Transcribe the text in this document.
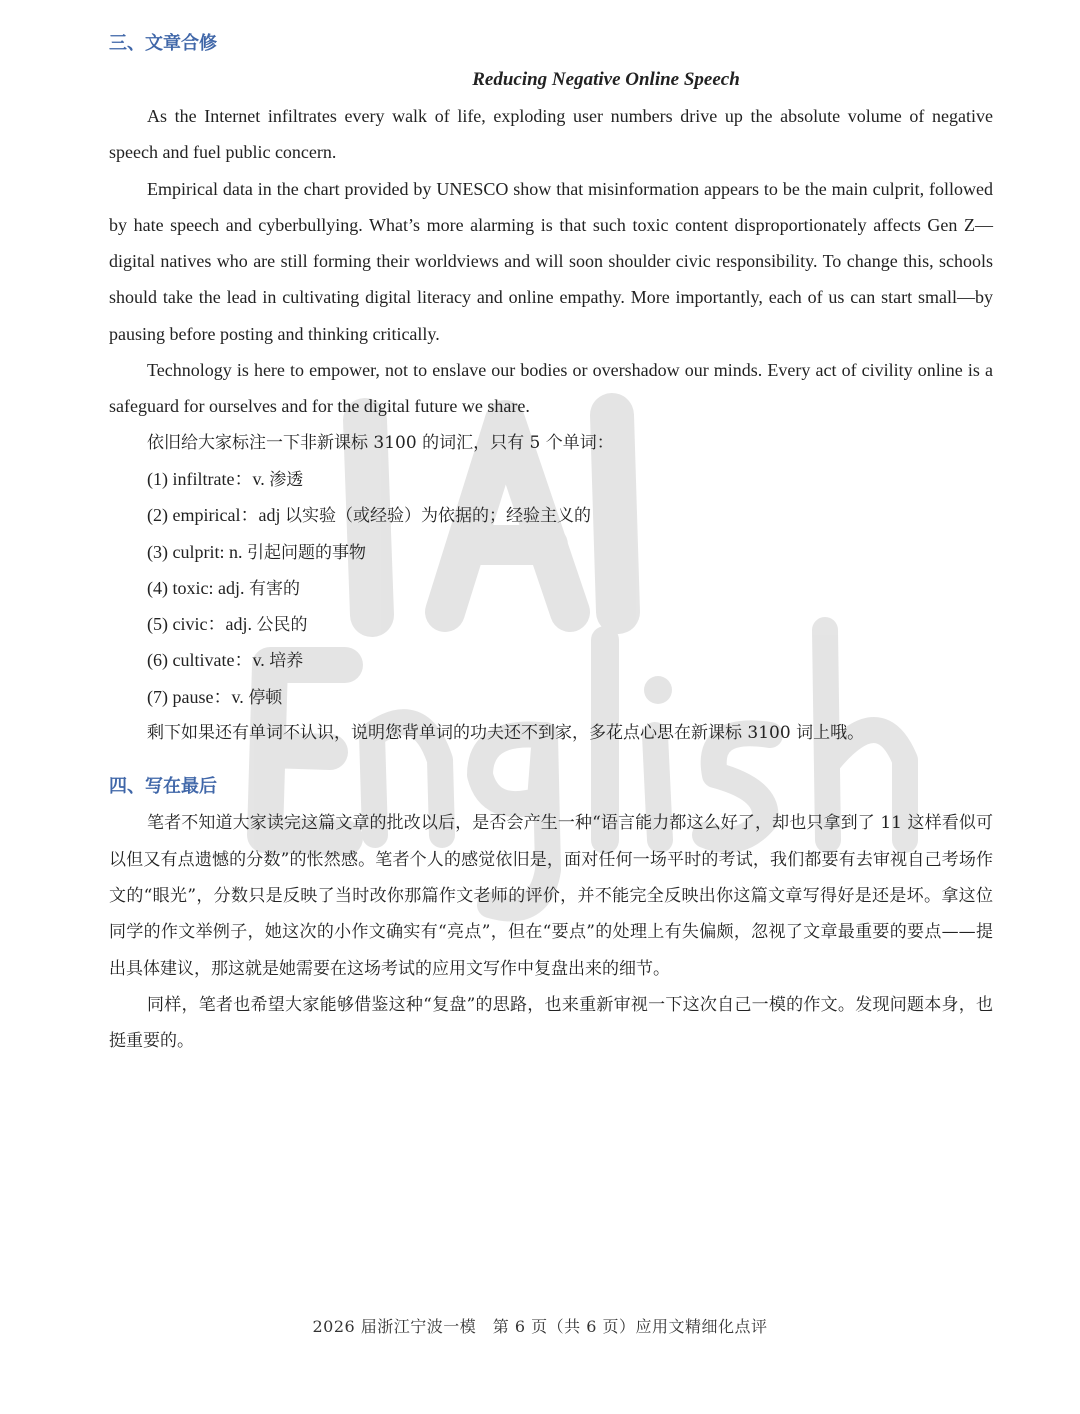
三、文章合修
Reducing Negative Online Speech

As the Internet infiltrates every walk of life, exploding user numbers drive up the absolute volume of negative speech and fuel public concern.

Empirical data in the chart provided by UNESCO show that misinformation appears to be the main culprit, followed by hate speech and cyberbullying. What’s more alarming is that such toxic content disproportionately affects Gen Z—digital natives who are still forming their worldviews and will soon shoulder civic responsibility. To change this, schools should take the lead in cultivating digital literacy and online empathy. More importantly, each of us can start small—by pausing before posting and thinking critically.

Technology is here to empower, not to enslave our bodies or overshadow our minds. Every act of civility online is a safeguard for ourselves and for the digital future we share.

依旧给大家标注一下非新课标 3100 的词汇，只有 5 个单词：

(1) infiltrate：v. 渗透
(2) empirical：adj 以实验（或经验）为依据的；经验主义的
(3) culprit: n. 引起问题的事物
(4) toxic: adj. 有害的
(5) civic：adj. 公民的
(6) cultivate：v. 培养
(7) pause：v. 停顿

剩下如果还有单词不认识，说明您背单词的功夫还不到家，多花点心思在新课标 3100 词上哦。

四、写在最后

笔者不知道大家读完这篇文章的批改以后，是否会产生一种“语言能力都这么好了，却也只拿到了 11 这样看似可以但又有点遗憾的分数”的怅然感。笔者个人的感觉依旧是，面对任何一场平时的考试，我们都要有去审视自己考场作文的“眼光”，分数只是反映了当时改你那篇作文老师的评价，并不能完全反映出你这篇文章写得好是还是坏。拿这位同学的作文举例子，她这次的小作文确实有“亮点”，但在“要点”的处理上有失偏颇，忽视了文章最重要的要点——提出具体建议，那这就是她需要在这场考试的应用文写作中复盘出来的细节。

同样，笔者也希望大家能够借鉴这种“复盘”的思路，也来重新审视一下这次自己一模的作文。发现问题本身，也挺重要的。

2026 届浙江宁波一模　第 6 页（共 6 页）应用文精细化点评
